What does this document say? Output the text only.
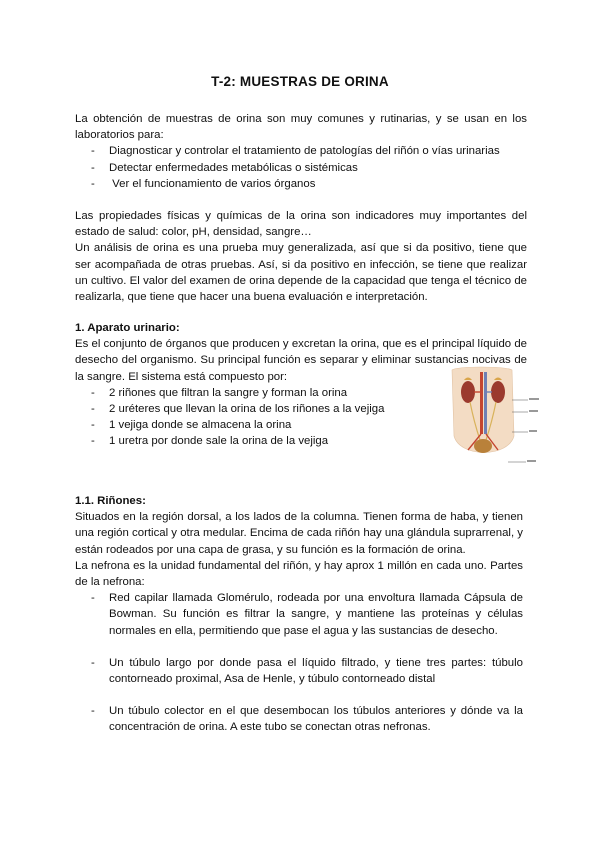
T-2: MUESTRAS DE ORINA

La obtención de muestras de orina son muy comunes y rutinarias, y se usan en los laboratorios para:

- Diagnosticar y controlar el tratamiento de patologías del riñón o vías urinarias
- Detectar enfermedades metabólicas o sistémicas
-  Ver el funcionamiento de varios órganos

Las propiedades físicas y químicas de la orina son indicadores muy importantes del estado de salud: color, pH, densidad, sangre…

Un análisis de orina es una prueba muy generalizada, así que si da positivo, tiene que ser acompañada de otras pruebas. Así, si da positivo en infección, se tiene que realizar un cultivo. El valor del examen de orina depende de la capacidad que tenga el técnico de realizarla, que tiene que hacer una buena evaluación e interpretación.

1. Aparato urinario:

Es el conjunto de órganos que producen y excretan la orina, que es el principal líquido de desecho del organismo. Su principal función es separar y eliminar sustancias nocivas de la sangre. El sistema está compuesto por:

- 2 riñones que filtran la sangre y forman la orina
- 2 uréteres que llevan la orina de los riñones a la vejiga
- 1 vejiga donde se almacena la orina
- 1 uretra por donde sale la orina de la vejiga
1.1. Riñones:

Situados en la región dorsal, a los lados de la columna. Tienen forma de haba, y tienen una región cortical y otra medular. Encima de cada riñón hay una glándula suprarrenal, y están rodeados por una capa de grasa, y su función es la formación de orina.

La nefrona es la unidad fundamental del riñón, y hay aprox 1 millón en cada uno. Partes de la nefrona:

- Red capilar llamada Glomérulo, rodeada por una envoltura llamada Cápsula de Bowman. Su función es filtrar la sangre, y mantiene las proteínas y células normales en ella, permitiendo que pase el agua y las sustancias de desecho.
- Un túbulo largo por donde pasa el líquido filtrado, y tiene tres partes: túbulo contorneado proximal, Asa de Henle, y túbulo contorneado distal
- Un túbulo colector en el que desembocan los túbulos anteriores y dónde va la concentración de orina. A este tubo se conectan otras nefronas.
